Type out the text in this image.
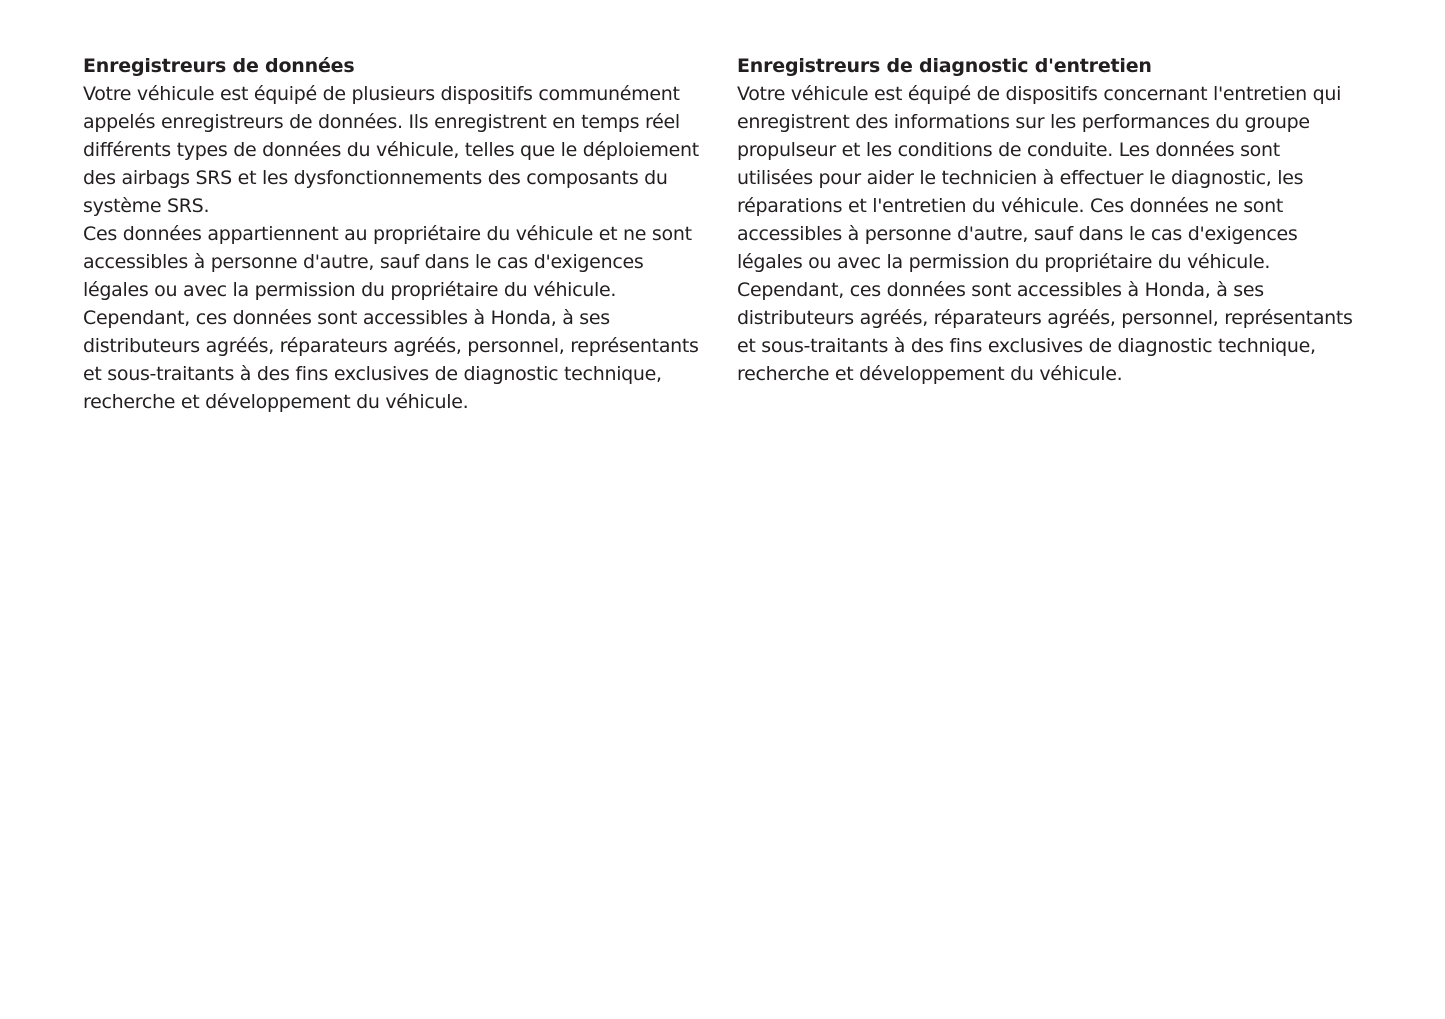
Enregistreurs de données

Votre véhicule est équipé de plusieurs dispositifs communément appelés enregistreurs de données. Ils enregistrent en temps réel différents types de données du véhicule, telles que le déploiement des airbags SRS et les dysfonctionnements des composants du système SRS.

Ces données appartiennent au propriétaire du véhicule et ne sont accessibles à personne d'autre, sauf dans le cas d'exigences légales ou avec la permission du propriétaire du véhicule.

Cependant, ces données sont accessibles à Honda, à ses distributeurs agréés, réparateurs agréés, personnel, représentants et sous-traitants à des fins exclusives de diagnostic technique, recherche et développement du véhicule.

Enregistreurs de diagnostic d'entretien

Votre véhicule est équipé de dispositifs concernant l'entretien qui enregistrent des informations sur les performances du groupe propulseur et les conditions de conduite. Les données sont utilisées pour aider le technicien à effectuer le diagnostic, les réparations et l'entretien du véhicule. Ces données ne sont accessibles à personne d'autre, sauf dans le cas d'exigences légales ou avec la permission du propriétaire du véhicule.

Cependant, ces données sont accessibles à Honda, à ses distributeurs agréés, réparateurs agréés, personnel, représentants et sous-traitants à des fins exclusives de diagnostic technique, recherche et développement du véhicule.
